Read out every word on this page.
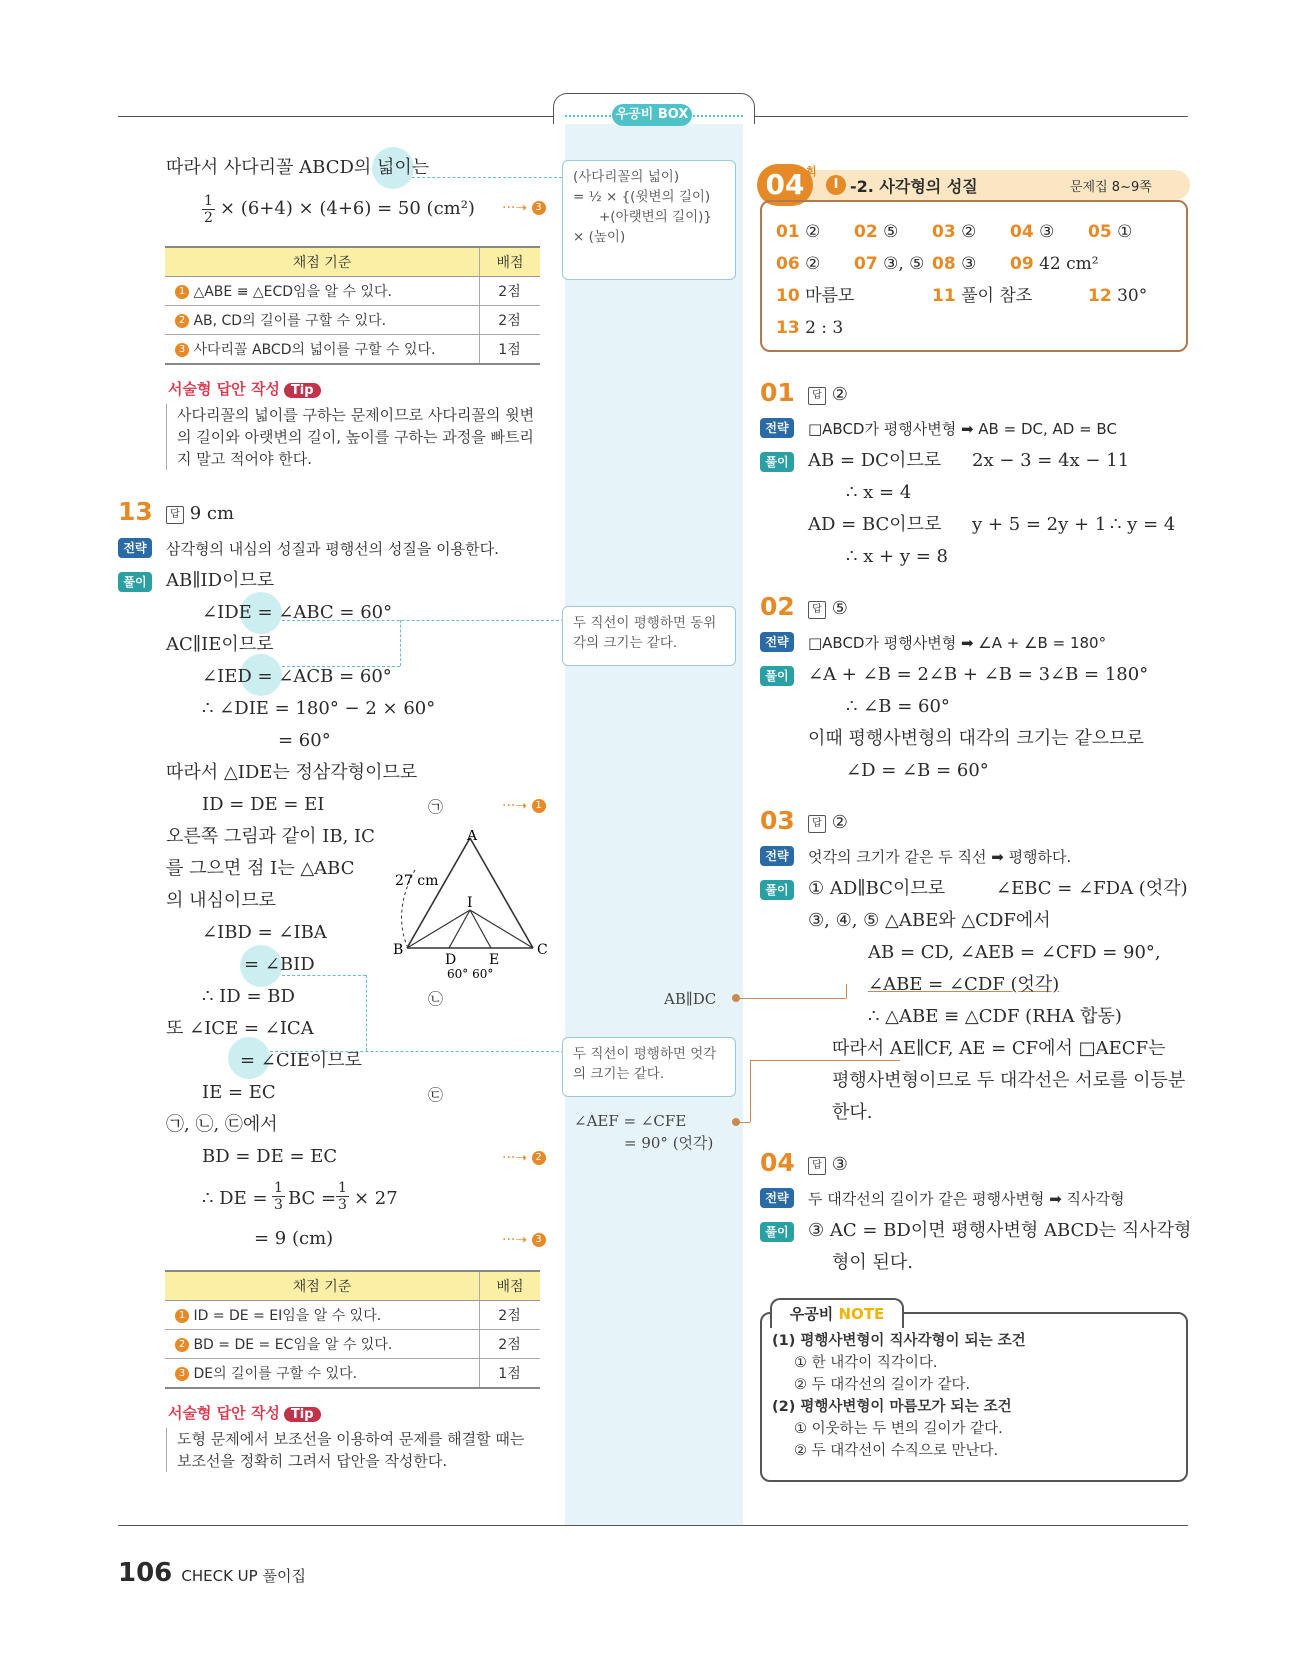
우공비 BOX
따라서 사다리꼴 ABCD의 넓이는
1
2 × (6+4) × (4+6) = 50 (cm²) ···➝ 3
채점 기준	배점
1 △ABE ≡ △ECD임을 알 수 있다.	2점
2 AB, CD의 길이를 구할 수 있다.	2점
3 사다리꼴 ABCD의 넓이를 구할 수 있다.	1점
서술형 답안 작성 Tip
사다리꼴의 넓이를 구하는 문제이므로 사다리꼴의 윗변
의 길이와 아랫변의 길이, 높이를 구하는 과정을 빠트리
지 말고 적어야 한다.
13	답 9 cm
전략	삼각형의 내심의 성질과 평행선의 성질을 이용한다.
풀이	AB∥ID이므로
∠IDE = ∠ABC = 60°
AC∥IE이므로
∠IED = ∠ACB = 60°
∴ ∠DIE = 180° − 2 × 60°
= 60°
따라서 △IDE는 정삼각형이므로
ID = DE = EI	㉠	···➝ 1
오른쪽 그림과 같이 IB, IC
를 그으면 점 I는 △ABC
의 내심이므로
∠IBD = ∠IBA
= ∠BID
∴ ID = BD	㉡
또 ∠ICE = ∠ICA
= ∠CIE이므로
IE = EC	㉢
㉠, ㉡, ㉢에서
BD = DE = EC	···➝ 2
∴ DE = 1
3 BC = 1
3 × 27
= 9 (cm)	···➝ 3
A
B	C
D E
I
27 cm
60° 60°
채점 기준	배점
1 ID = DE = EI임을 알 수 있다.	2점
2 BD = DE = EC임을 알 수 있다.	2점
3 DE의 길이를 구할 수 있다.	1점
서술형 답안 작성 Tip
도형 문제에서 보조선을 이용하여 문제를 해결할 때는
보조선을 정확히 그려서 답안을 작성한다.
(사다리꼴의 넓이)
= ½ × {(윗변의 길이)
+(아랫변의 길이)}
× (높이)
두 직선이 평행하면 동위
각의 크기는 같다.
AB∥DC
두 직선이 평행하면 엇각
의 크기는 같다.
∠AEF = ∠CFE
= 90° (엇각)
04 회
I -2. 사각형의 성질	문제집 8~9쪽
01 ② 02 ⑤ 03 ② 04 ③ 05 ①
06 ② 07 ③, ⑤ 08 ③ 09 42 cm²
10 마름모	11 풀이 참조	12 30°
13 2 : 3
01	답 ②
전략	□ABCD가 평행사변형 ➡ AB = DC, AD = BC
풀이	AB = DC이므로 2x − 3 = 4x − 11
∴ x = 4
AD = BC이므로 y + 5 = 2y + 1 ∴ y = 4
∴ x + y = 8
02	답 ⑤
전략	□ABCD가 평행사변형 ➡ ∠A + ∠B = 180°
풀이	∠A + ∠B = 2∠B + ∠B = 3∠B = 180°
∴ ∠B = 60°
이때 평행사변형의 대각의 크기는 같으므로
∠D = ∠B = 60°
03	답 ②
전략	엇각의 크기가 같은 두 직선 ➡ 평행하다.
풀이	① AD∥BC이므로	∠EBC = ∠FDA (엇각)
③, ④, ⑤ △ABE와 △CDF에서
AB = CD, ∠AEB = ∠CFD = 90°,
∠ABE = ∠CDF (엇각)
∴ △ABE ≡ △CDF (RHA 합동)
따라서 AE∥CF, AE = CF에서 □AECF는
평행사변형이므로 두 대각선은 서로를 이등분
한다.
04	답 ③
전략	두 대각선의 길이가 같은 평행사변형 ➡ 직사각형
풀이	③ AC = BD이면 평행사변형 ABCD는 직사각형
형이 된다.
우공비 NOTE
(1) 평행사변형이 직사각형이 되는 조건
① 한 내각이 직각이다.
② 두 대각선의 길이가 같다.
(2) 평행사변형이 마름모가 되는 조건
① 이웃하는 두 변의 길이가 같다.
② 두 대각선이 수직으로 만난다.
106 CHECK UP 풀이집
